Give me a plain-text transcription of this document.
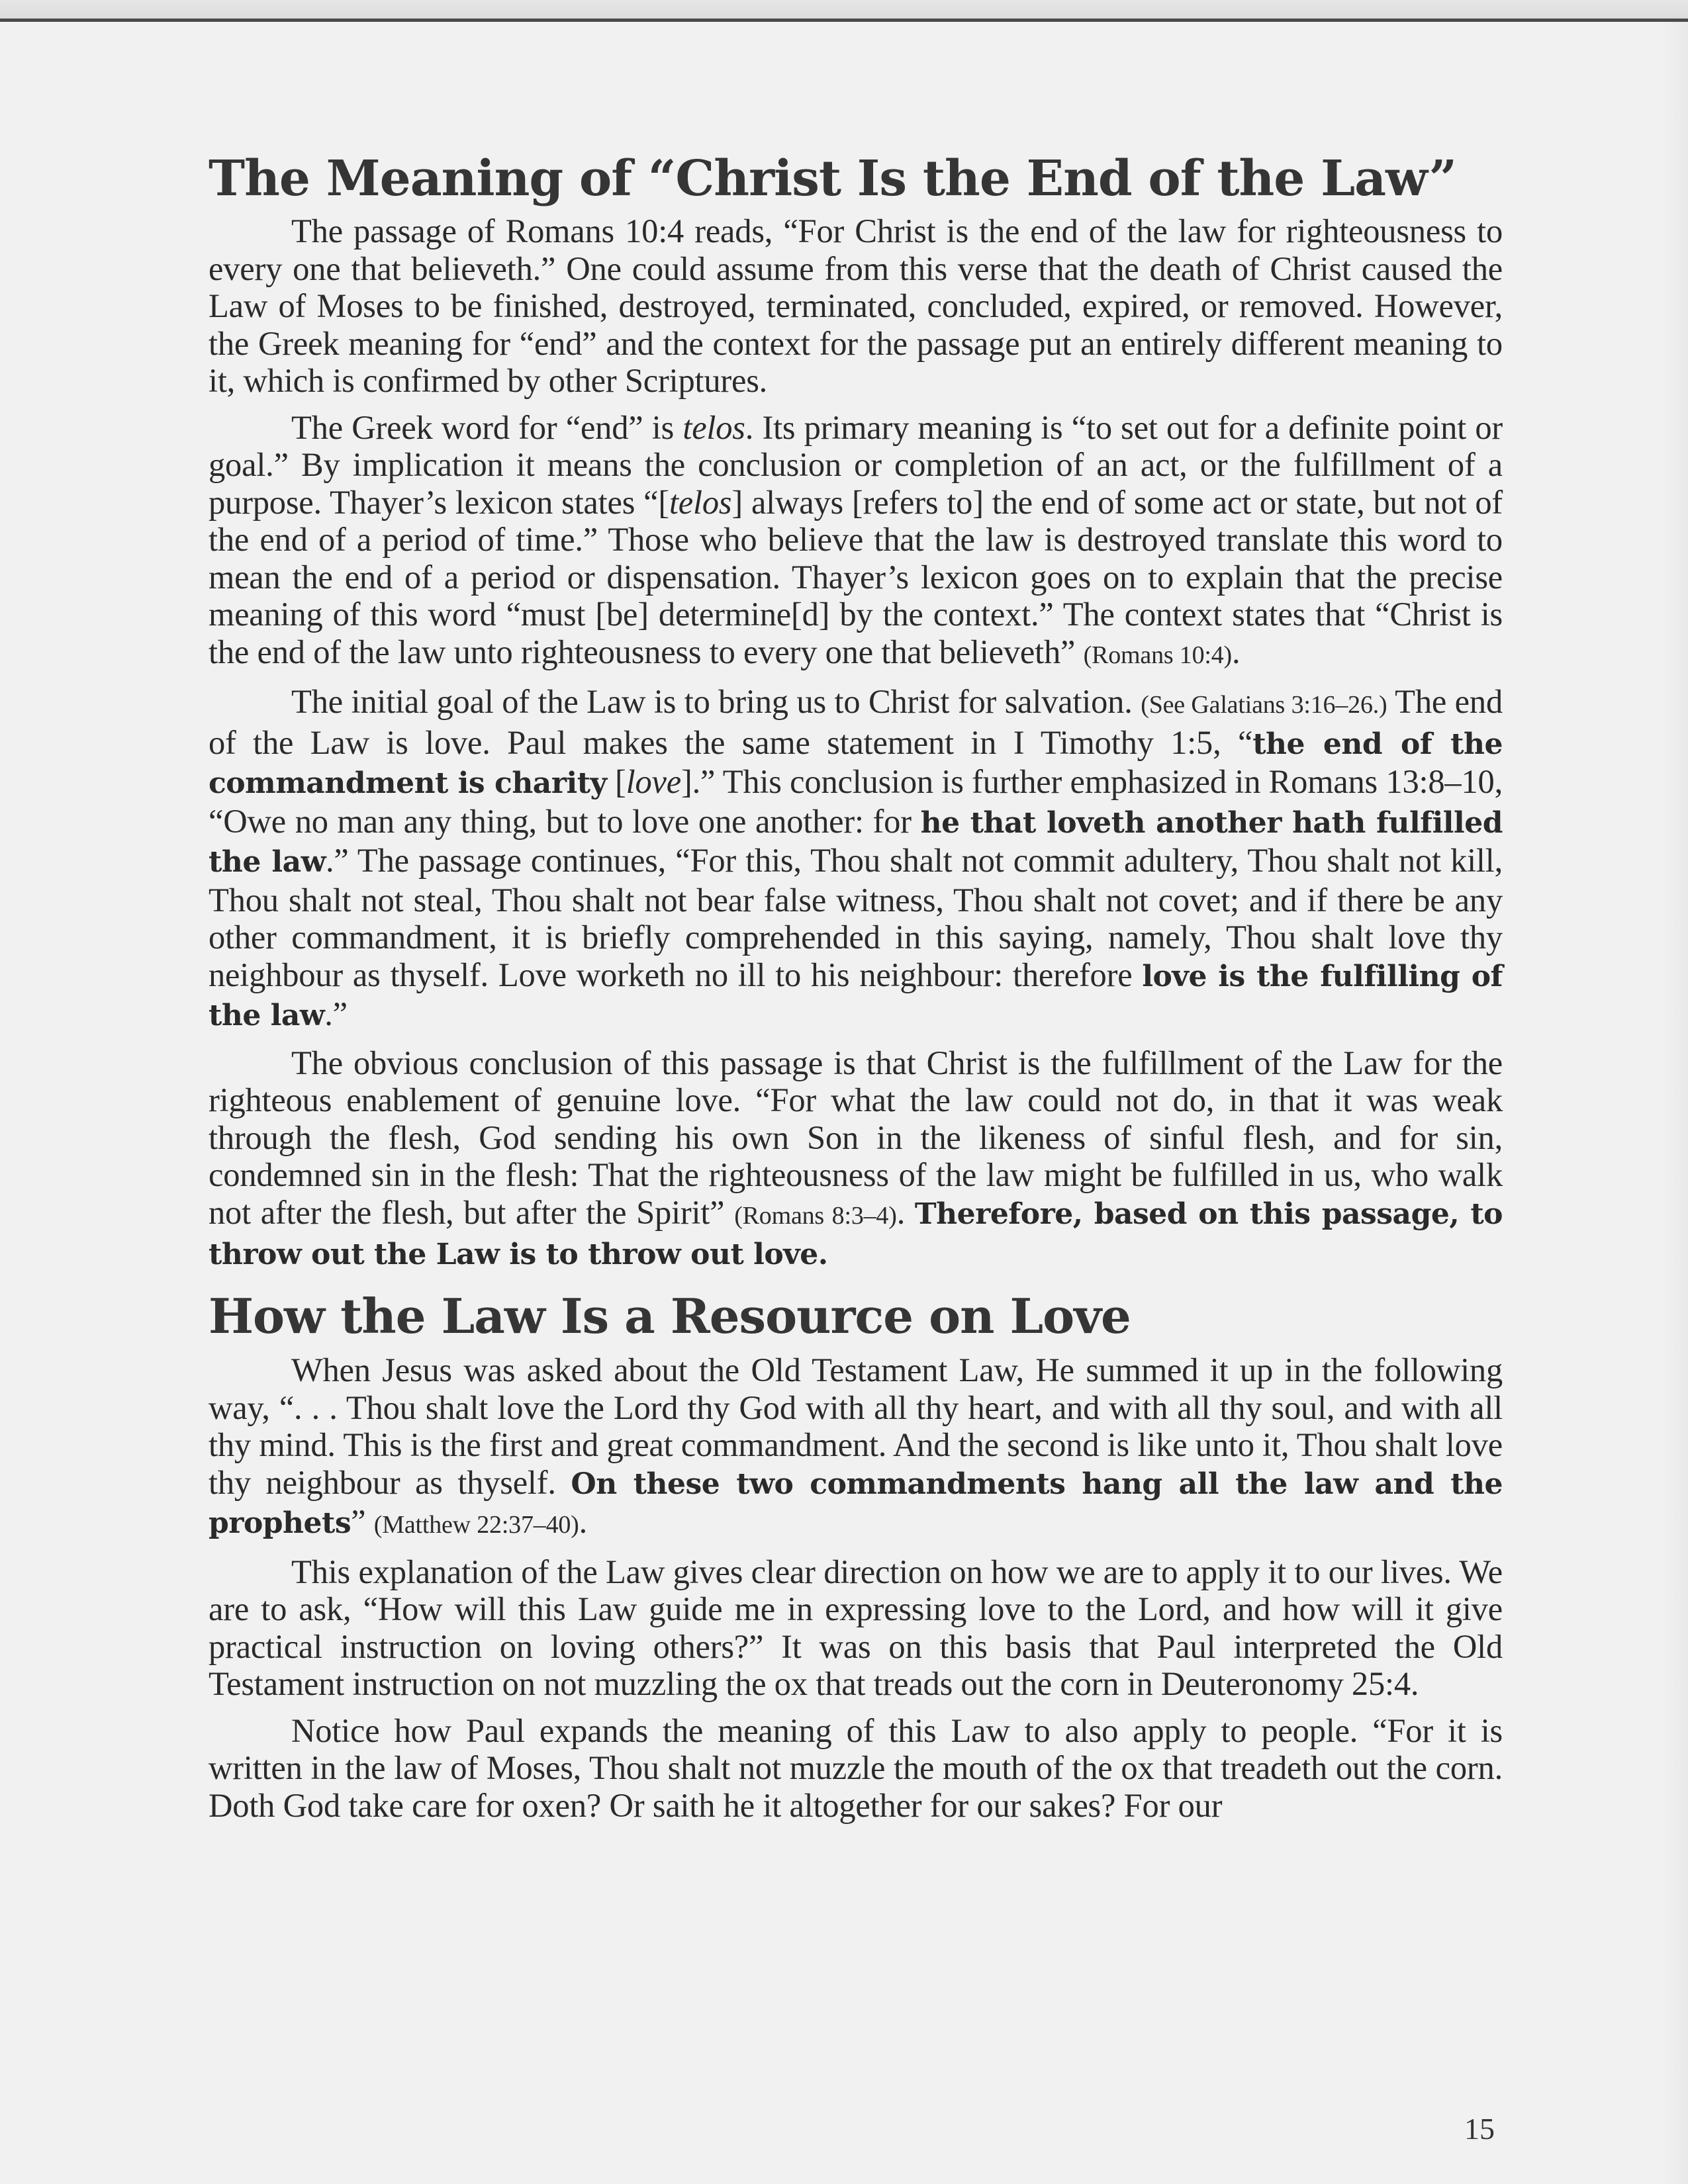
The Meaning of “Christ Is the End of the Law”

The passage of Romans 10:4 reads, “For Christ is the end of the law for righteousness to every one that believeth.” One could assume from this verse that the death of Christ caused the Law of Moses to be finished, destroyed, terminated, concluded, expired, or removed. However, the Greek meaning for “end” and the context for the passage put an entirely different meaning to it, which is confirmed by other Scriptures.

The Greek word for “end” is telos. Its primary meaning is “to set out for a definite point or goal.” By implication it means the conclusion or completion of an act, or the fulfillment of a purpose. Thayer’s lexicon states “[telos] always [refers to] the end of some act or state, but not of the end of a period of time.” Those who believe that the law is destroyed translate this word to mean the end of a period or dispensation. Thayer’s lexicon goes on to explain that the precise meaning of this word “must [be] determine[d] by the context.” The context states that “Christ is the end of the law unto righteousness to every one that believeth” (Romans 10:4).

The initial goal of the Law is to bring us to Christ for salvation. (See Galatians 3:16–26.) The end of the Law is love. Paul makes the same statement in I Timothy 1:5, “the end of the commandment is charity [love].” This conclusion is further emphasized in Romans 13:8–10, “Owe no man any thing, but to love one another: for he that loveth another hath fulfilled the law.” The passage continues, “For this, Thou shalt not commit adultery, Thou shalt not kill, Thou shalt not steal, Thou shalt not bear false witness, Thou shalt not covet; and if there be any other commandment, it is briefly comprehended in this saying, namely, Thou shalt love thy neighbour as thyself. Love worketh no ill to his neighbour: therefore love is the fulfilling of the law.”

The obvious conclusion of this passage is that Christ is the fulfillment of the Law for the righteous enablement of genuine love. “For what the law could not do, in that it was weak through the flesh, God sending his own Son in the likeness of sinful flesh, and for sin, condemned sin in the flesh: That the righteousness of the law might be fulfilled in us, who walk not after the flesh, but after the Spirit” (Romans 8:3–4). Therefore, based on this passage, to throw out the Law is to throw out love.

How the Law Is a Resource on Love

When Jesus was asked about the Old Testament Law, He summed it up in the following way, “. . . Thou shalt love the Lord thy God with all thy heart, and with all thy soul, and with all thy mind. This is the first and great commandment. And the second is like unto it, Thou shalt love thy neighbour as thyself. On these two commandments hang all the law and the prophets” (Matthew 22:37–40).

This explanation of the Law gives clear direction on how we are to apply it to our lives. We are to ask, “How will this Law guide me in expressing love to the Lord, and how will it give practical instruction on loving others?” It was on this basis that Paul interpreted the Old Testament instruction on not muzzling the ox that treads out the corn in Deuteronomy 25:4.

Notice how Paul expands the meaning of this Law to also apply to people. “For it is written in the law of Moses, Thou shalt not muzzle the mouth of the ox that treadeth out the corn. Doth God take care for oxen? Or saith he it altogether for our sakes? For our

15
